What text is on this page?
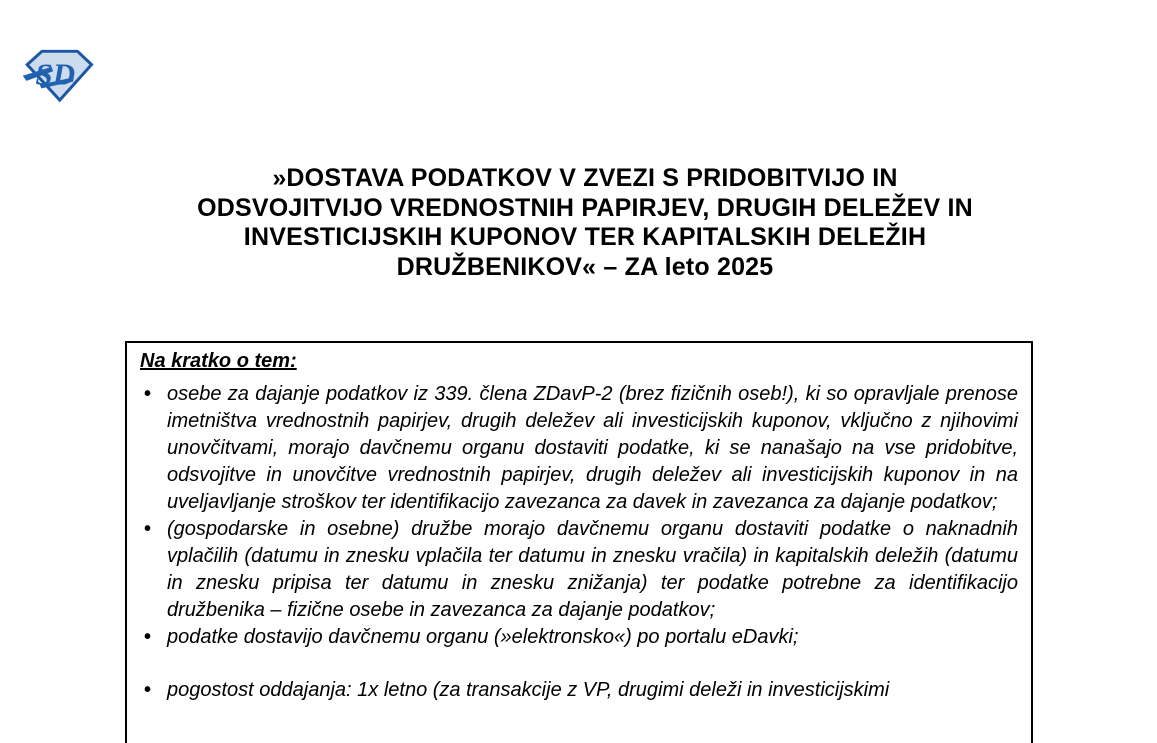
SD
»DOSTAVA PODATKOV V ZVEZI S PRIDOBITVIJO IN
ODSVOJITVIJO VREDNOSTNIH PAPIRJEV, DRUGIH DELEŽEV IN
INVESTICIJSKIH KUPONOV TER KAPITALSKIH DELEŽIH
DRUŽBENIKOV« – ZA leto 2025
Na kratko o tem:
• osebe za dajanje podatkov iz 339. člena ZDavP-2 (brez fizičnih oseb!), ki so opravljale prenose imetništva vrednostnih papirjev, drugih deležev ali investicijskih kuponov, vključno z njihovimi unovčitvami, morajo davčnemu organu dostaviti podatke, ki se nanašajo na vse pridobitve, odsvojitve in unovčitve vrednostnih papirjev, drugih deležev ali investicijskih kuponov in na uveljavljanje stroškov ter identifikacijo zavezanca za davek in zavezanca za dajanje podatkov;
• (gospodarske in osebne) družbe morajo davčnemu organu dostaviti podatke o naknadnih vplačilih (datumu in znesku vplačila ter datumu in znesku vračila) in kapitalskih deležih (datumu in znesku pripisa ter datumu in znesku znižanja) ter podatke potrebne za identifikacijo družbenika – fizične osebe in zavezanca za dajanje podatkov;
• podatke dostavijo davčnemu organu (»elektronsko«) po portalu eDavki;
• pogostost oddajanja: 1x letno (za transakcije z VP, drugimi deleži in investicijskimi
